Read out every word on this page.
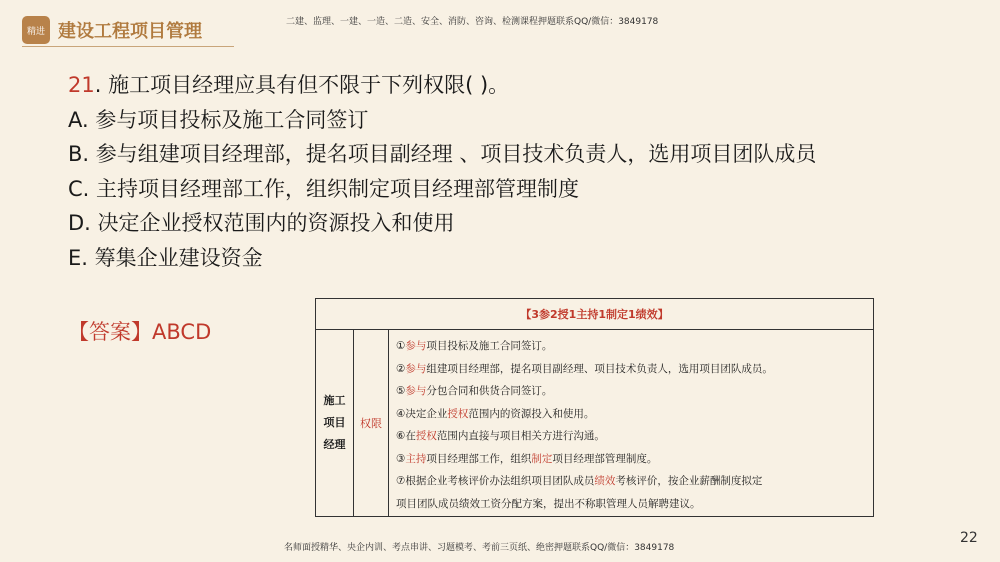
精进 建设工程项目管理	二建、监理、一建、一造、二造、安全、消防、咨询、检测课程押题联系QQ/微信：3849178
21. 施工项目经理应具有但不限于下列权限( )。
A. 参与项目投标及施工合同签订
B. 参与组建项目经理部，提名项目副经理 、项目技术负责人，选用项目团队成员
C. 主持项目经理部工作，组织制定项目经理部管理制度
D. 决定企业授权范围内的资源投入和使用
E. 筹集企业建设资金
【答案】ABCD
【3参2授1主持1制定1绩效】
施工
项目
经理
权限
①参与项目投标及施工合同签订。
②参与组建项目经理部，提名项目副经理、项目技术负责人，选用项目团队成员。
⑤参与分包合同和供货合同签订。
④决定企业授权范围内的资源投入和使用。
⑥在授权范围内直接与项目相关方进行沟通。
③主持项目经理部工作，组织制定项目经理部管理制度。
⑦根据企业考核评价办法组织项目团队成员绩效考核评价，按企业薪酬制度拟定
项目团队成员绩效工资分配方案，提出不称职管理人员解聘建议。
名师面授精华、央企内训、考点串讲、习题模考、考前三页纸、绝密押题联系QQ/微信：3849178
22
